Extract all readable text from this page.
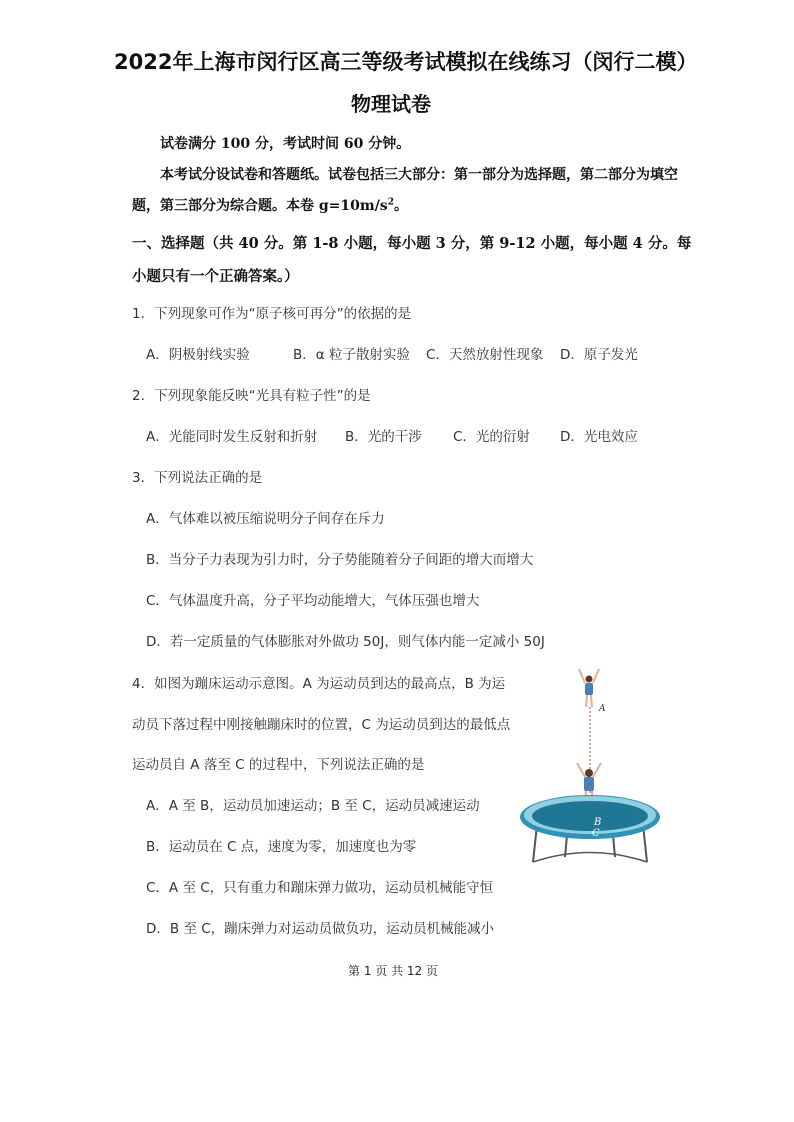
2022年上海市闵行区高三等级考试模拟在线练习（闵行二模）
物理试卷
试卷满分 100 分，考试时间 60 分钟。
本考试分设试卷和答题纸。试卷包括三大部分：第一部分为选择题，第二部分为填空
题，第三部分为综合题。本卷 $g=10m/s^2$。
一、选择题（共 40 分。第 1-8 小题，每小题 3 分，第 9-12 小题，每小题 4 分。每
小题只有一个正确答案。）
1．下列现象可作为“原子核可再分”的依据的是
A．阴极射线实验	B．α 粒子散射实验 C．天然放射性现象 D．原子发光
2．下列现象能反映“光具有粒子性”的是
A．光能同时发生反射和折射 B．光的干涉 C．光的衍射 D．光电效应
3．下列说法正确的是
A．气体难以被压缩说明分子间存在斥力
B．当分子力表现为引力时，分子势能随着分子间距的增大而增大
C．气体温度升高，分子平均动能增大，气体压强也增大
D．若一定质量的气体膨胀对外做功 50J，则气体内能一定减小 50J
4．如图为蹦床运动示意图。A 为运动员到达的最高点，B 为运
动员下落过程中刚接触蹦床时的位置，C 为运动员到达的最低点
运动员自 A 落至 C 的过程中，下列说法正确的是
A．A 至 B，运动员加速运动；B 至 C，运动员减速运动
B．运动员在 C 点，速度为零，加速度也为零
C．A 至 C，只有重力和蹦床弹力做功，运动员机械能守恒
D．B 至 C，蹦床弹力对运动员做负功，运动员机械能减小
A
B
C
第 1 页 共 12 页
